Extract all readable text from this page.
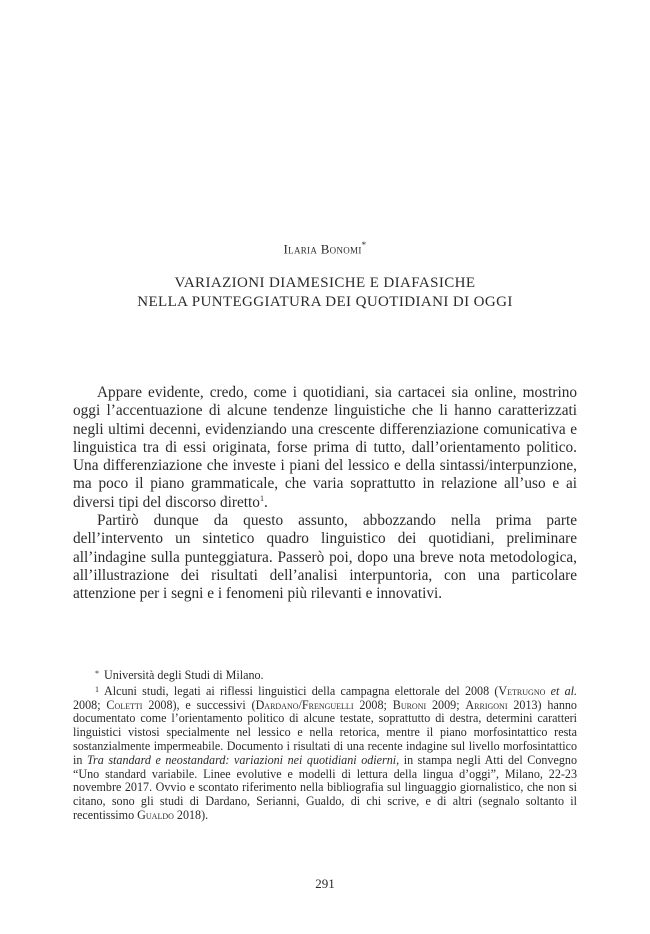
Ilaria Bonomi*
VARIAZIONI DIAMESICHE E DIAFASICHE
NELLA PUNTEGGIATURA DEI QUOTIDIANI DI OGGI

Appare evidente, credo, come i quotidiani, sia cartacei sia online, mostrino oggi l’accentuazione di alcune tendenze linguistiche che li hanno caratterizzati negli ultimi decenni, evidenziando una crescente differenziazione comunicativa e linguistica tra di essi originata, forse prima di tutto, dall’orientamento politico. Una differenziazione che investe i piani del lessico e della sintassi/interpunzione, ma poco il piano grammaticale, che varia soprattutto in relazione all’uso e ai diversi tipi del discorso diretto$^1$.

Partirò dunque da questo assunto, abbozzando nella prima parte dell’intervento un sintetico quadro linguistico dei quotidiani, preliminare all’indagine sulla punteggiatura. Passerò poi, dopo una breve nota metodologica, all’illustrazione dei risultati dell’analisi interpuntoria, con una particolare attenzione per i segni e i fenomeni più rilevanti e innovativi.

* Università degli Studi di Milano.

$^1$ Alcuni studi, legati ai riflessi linguistici della campagna elettorale del 2008 (Vetrugno et al. 2008; Coletti 2008), e successivi (Dardano/Frenguelli 2008; Buroni 2009; Arrigoni 2013) hanno documentato come l’orientamento politico di alcune testate, soprattutto di destra, determini caratteri linguistici vistosi specialmente nel lessico e nella retorica, mentre il piano morfosintattico resta sostanzialmente impermeabile. Documento i risultati di una recente indagine sul livello morfosintattico in Tra standard e neostandard: variazioni nei quotidiani odierni, in stampa negli Atti del Convegno “Uno standard variabile. Linee evolutive e modelli di lettura della lingua d’oggi”, Milano, 22-23 novembre 2017. Ovvio e scontato riferimento nella bibliografia sul linguaggio giornalistico, che non si citano, sono gli studi di Dardano, Serianni, Gualdo, di chi scrive, e di altri (segnalo soltanto il recentissimo Gualdo 2018).

291
